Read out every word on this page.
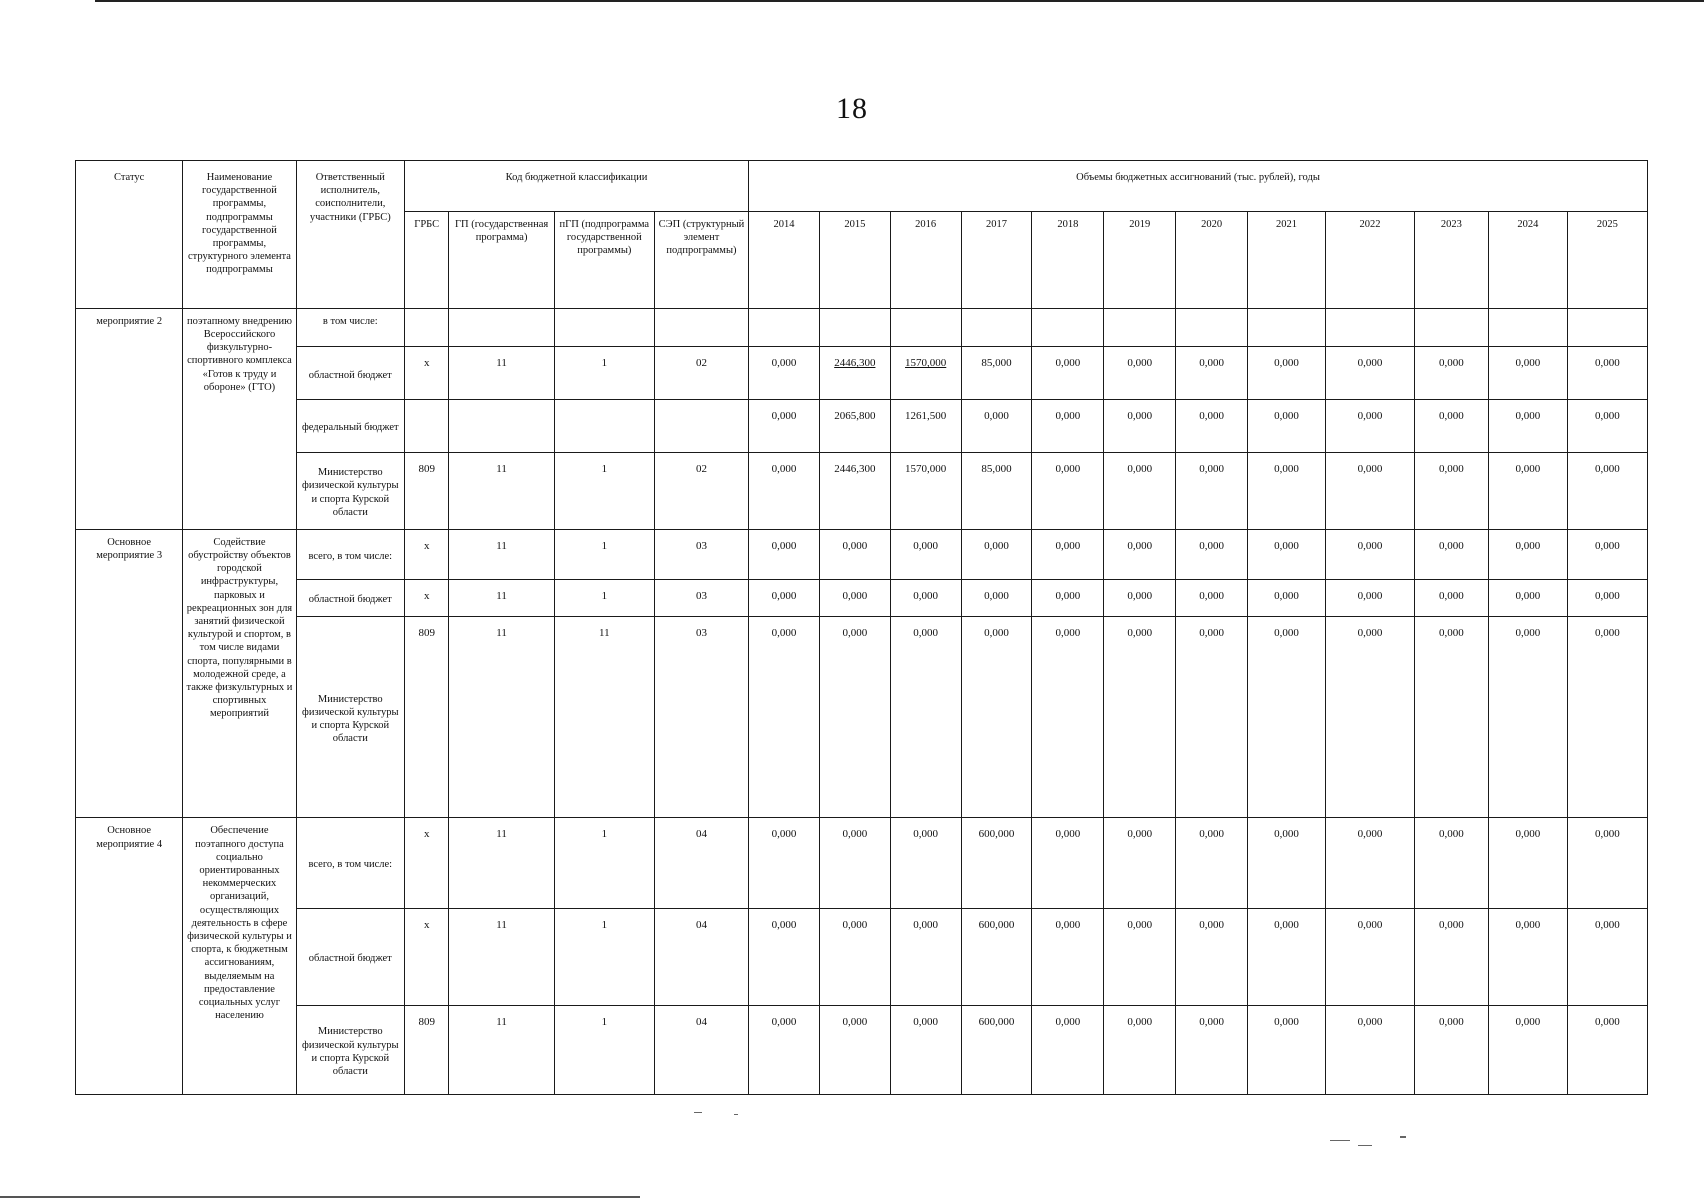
18
Статус	Наименование государственной программы, подпрограммы государственной программы, структурного элемента подпрограммы	Ответственный исполнитель, соисполнители, участники (ГРБС)	Код бюджетной классификации				Объемы бюджетных ассигнований (тыс. рублей), годы											
			ГРБС	ГП (государственная программа)	пГП (подпрограмма государственной программы)	СЭП (структурный элемент подпрограммы)	2014	2015	2016	2017	2018	2019	2020	2021	2022	2023	2024	2025
мероприятие 2	поэтапному внедрению Всероссийского физкультурно-спортивного комплекса «Готов к труду и обороне» (ГТО)	в том числе:																
		областной бюджет	х	11	1	02	0,000	2446,300	1570,000	85,000	0,000	0,000	0,000	0,000	0,000	0,000	0,000	0,000
		федеральный бюджет					0,000	2065,800	1261,500	0,000	0,000	0,000	0,000	0,000	0,000	0,000	0,000	0,000
		Министерство физической культуры и спорта Курской области	809	11	1	02	0,000	2446,300	1570,000	85,000	0,000	0,000	0,000	0,000	0,000	0,000	0,000	0,000
Основное мероприятие 3	Содействие обустройству объектов городской инфраструктуры, парковых и рекреационных зон для занятий физической культурой и спортом, в том числе видами спорта, популярными в молодежной среде, а также физкультурных и спортивных мероприятий	всего, в том числе:	х	11	1	03	0,000	0,000	0,000	0,000	0,000	0,000	0,000	0,000	0,000	0,000	0,000	0,000
		областной бюджет	х	11	1	03	0,000	0,000	0,000	0,000	0,000	0,000	0,000	0,000	0,000	0,000	0,000	0,000
		Министерство физической культуры и спорта Курской области	809	11	11	03	0,000	0,000	0,000	0,000	0,000	0,000	0,000	0,000	0,000	0,000	0,000	0,000
Основное мероприятие 4	Обеспечение поэтапного доступа социально ориентированных некоммерческих организаций, осуществляющих деятельность в сфере физической культуры и спорта, к бюджетным ассигнованиям, выделяемым на предоставление социальных услуг населению	всего, в том числе:	х	11	1	04	0,000	0,000	0,000	600,000	0,000	0,000	0,000	0,000	0,000	0,000	0,000	0,000
		областной бюджет	х	11	1	04	0,000	0,000	0,000	600,000	0,000	0,000	0,000	0,000	0,000	0,000	0,000	0,000
		Министерство физической культуры и спорта Курской области	809	11	1	04	0,000	0,000	0,000	600,000	0,000	0,000	0,000	0,000	0,000	0,000	0,000	0,000
